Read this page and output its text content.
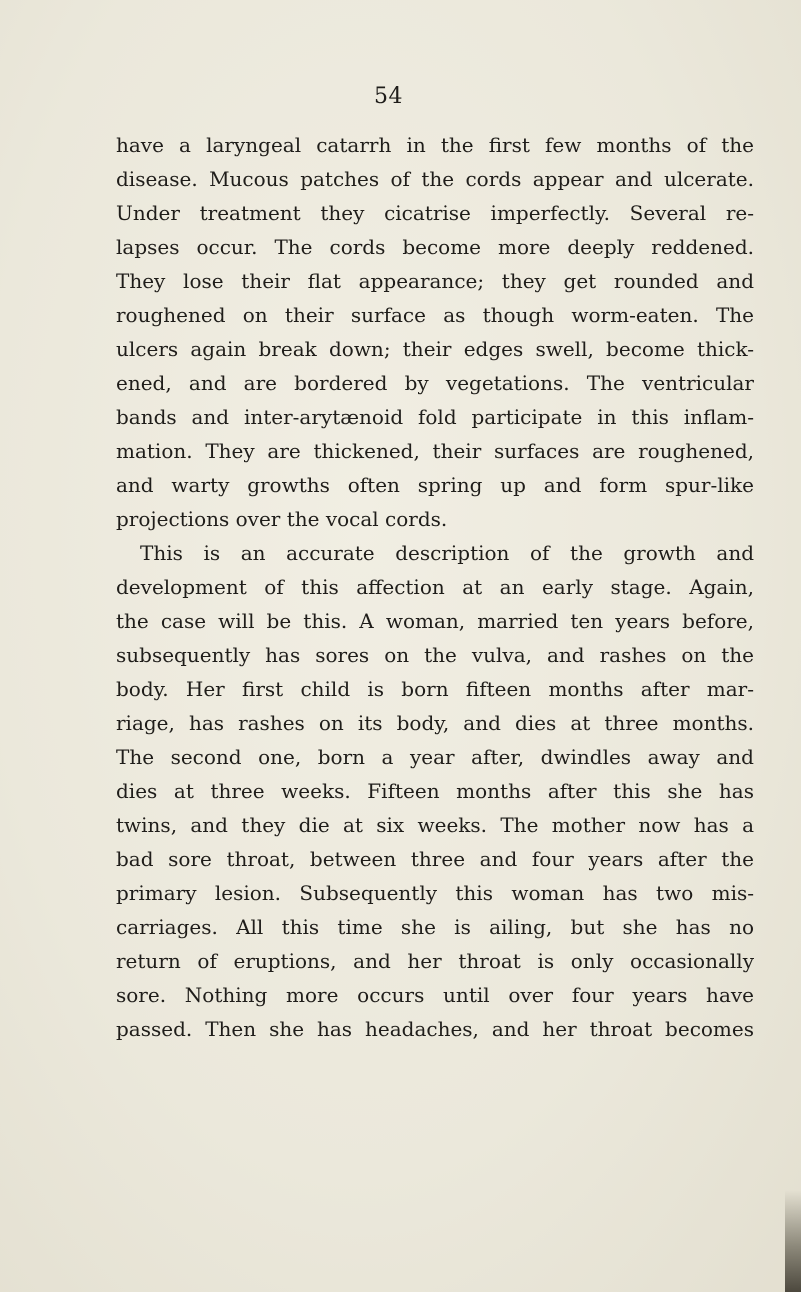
54
have a laryngeal catarrh in the first few months of the
disease. Mucous patches of the cords appear and ulcerate.
Under treatment they cicatrise imperfectly. Several re-
lapses occur. The cords become more deeply reddened.
They lose their flat appearance; they get rounded and
roughened on their surface as though worm-eaten. The
ulcers again break down; their edges swell, become thick-
ened, and are bordered by vegetations. The ventricular
bands and inter-arytænoid fold participate in this inflam-
mation. They are thickened, their surfaces are roughened,
and warty growths often spring up and form spur-like
projections over the vocal cords.
This is an accurate description of the growth and
development of this affection at an early stage. Again,
the case will be this. A woman, married ten years before,
subsequently has sores on the vulva, and rashes on the
body. Her first child is born fifteen months after mar-
riage, has rashes on its body, and dies at three months.
The second one, born a year after, dwindles away and
dies at three weeks. Fifteen months after this she has
twins, and they die at six weeks. The mother now has a
bad sore throat, between three and four years after the
primary lesion. Subsequently this woman has two mis-
carriages. All this time she is ailing, but she has no
return of eruptions, and her throat is only occasionally
sore. Nothing more occurs until over four years have
passed. Then she has headaches, and her throat becomes
